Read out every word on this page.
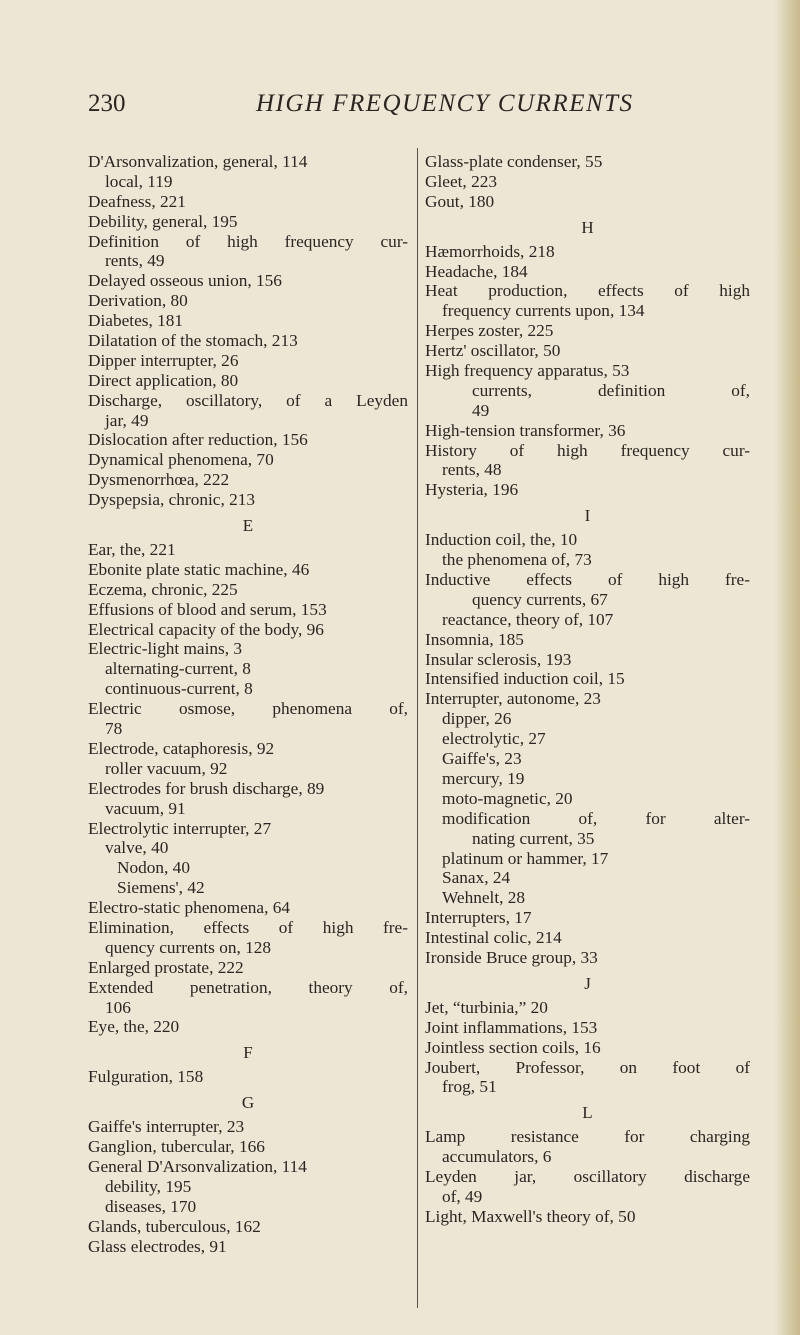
230	HIGH FREQUENCY CURRENTS
D'Arsonvalization, general, 114
local, 119
Deafness, 221
Debility, general, 195
Definition of high frequency cur-
rents, 49
Delayed osseous union, 156
Derivation, 80
Diabetes, 181
Dilatation of the stomach, 213
Dipper interrupter, 26
Direct application, 80
Discharge, oscillatory, of a Leyden
jar, 49
Dislocation after reduction, 156
Dynamical phenomena, 70
Dysmenorrhœa, 222
Dyspepsia, chronic, 213
E
Ear, the, 221
Ebonite plate static machine, 46
Eczema, chronic, 225
Effusions of blood and serum, 153
Electrical capacity of the body, 96
Electric-light mains, 3
alternating-current, 8
continuous-current, 8
Electric osmose, phenomena of,
78
Electrode, cataphoresis, 92
roller vacuum, 92
Electrodes for brush discharge, 89
vacuum, 91
Electrolytic interrupter, 27
valve, 40
Nodon, 40
Siemens', 42
Electro-static phenomena, 64
Elimination, effects of high fre-
quency currents on, 128
Enlarged prostate, 222
Extended penetration, theory of,
106
Eye, the, 220
F
Fulguration, 158
G
Gaiffe's interrupter, 23
Ganglion, tubercular, 166
General D'Arsonvalization, 114
debility, 195
diseases, 170
Glands, tuberculous, 162
Glass electrodes, 91
Glass-plate condenser, 55
Gleet, 223
Gout, 180
H
Hæmorrhoids, 218
Headache, 184
Heat production, effects of high
frequency currents upon, 134
Herpes zoster, 225
Hertz' oscillator, 50
High frequency apparatus, 53
currents, definition of,
49
High-tension transformer, 36
History of high frequency cur-
rents, 48
Hysteria, 196
I
Induction coil, the, 10
the phenomena of, 73
Inductive effects of high fre-
quency currents, 67
reactance, theory of, 107
Insomnia, 185
Insular sclerosis, 193
Intensified induction coil, 15
Interrupter, autonome, 23
dipper, 26
electrolytic, 27
Gaiffe's, 23
mercury, 19
moto-magnetic, 20
modification of, for alter-
nating current, 35
platinum or hammer, 17
Sanax, 24
Wehnelt, 28
Interrupters, 17
Intestinal colic, 214
Ironside Bruce group, 33
J
Jet, “turbinia,” 20
Joint inflammations, 153
Jointless section coils, 16
Joubert, Professor, on foot of
frog, 51
L
Lamp resistance for charging
accumulators, 6
Leyden jar, oscillatory discharge
of, 49
Light, Maxwell's theory of, 50
